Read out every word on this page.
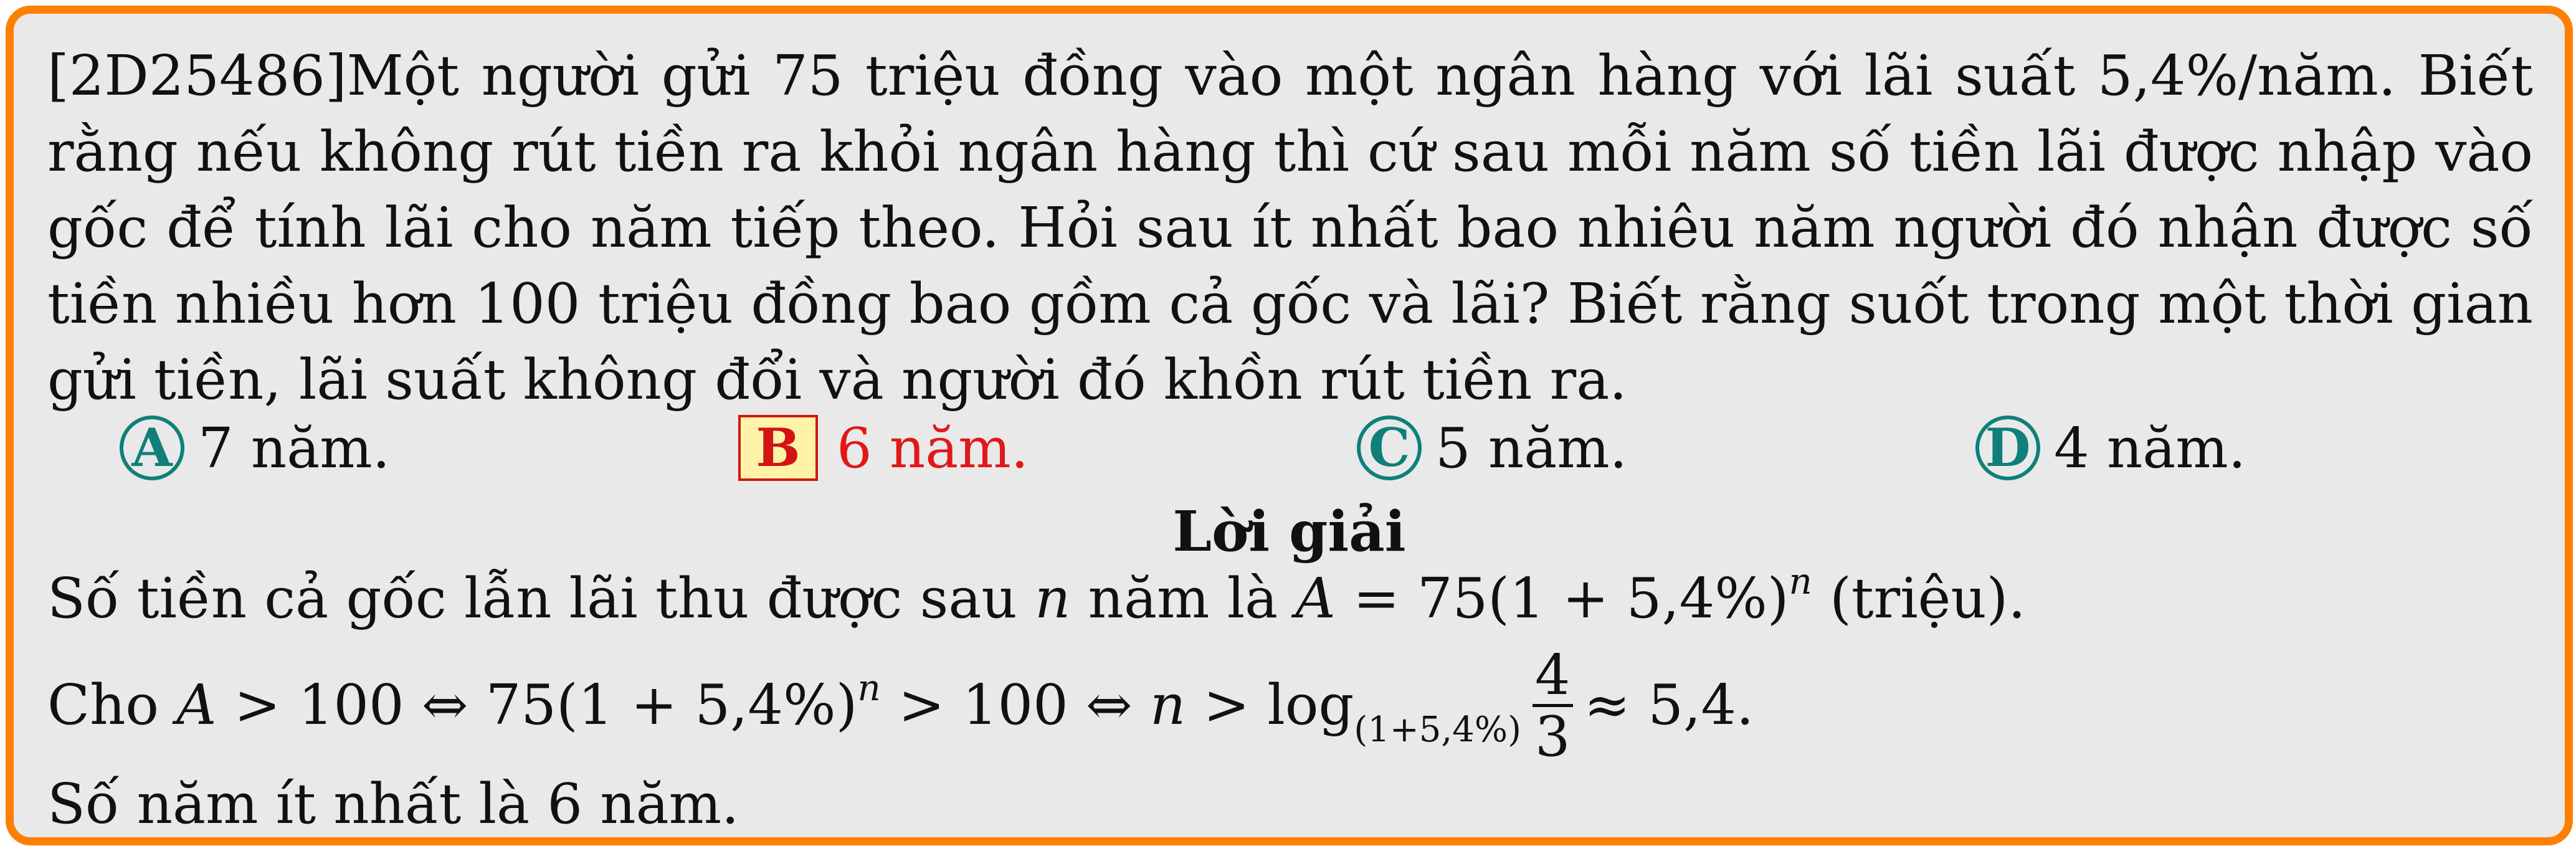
[2D25486]Một người gửi 75 triệu đồng vào một ngân hàng với lãi suất 5,4%/năm. Biết rằng nếu không rút tiền ra khỏi ngân hàng thì cứ sau mỗi năm số tiền lãi được nhập vào gốc để tính lãi cho năm tiếp theo. Hỏi sau ít nhất bao nhiêu năm người đó nhận được số tiền nhiều hơn 100 triệu đồng bao gồm cả gốc và lãi? Biết rằng suốt trong một thời gian gửi tiền, lãi suất không đổi và người đó khồn rút tiền ra.
A 7 năm.	B 6 năm.	C 5 năm.	D 4 năm.
Lời giải
Số tiền cả gốc lẫn lãi thu được sau n năm là $A = 75(1 + 5,4\%)^n$ (triệu).
Cho A > 100 ⇔ $75(1 + 5,4\%)^n > 100$ ⇔ $n > \log_{(1+5,4\%)} \frac{4}{3} \approx 5,4$.
Số năm ít nhất là 6 năm.
